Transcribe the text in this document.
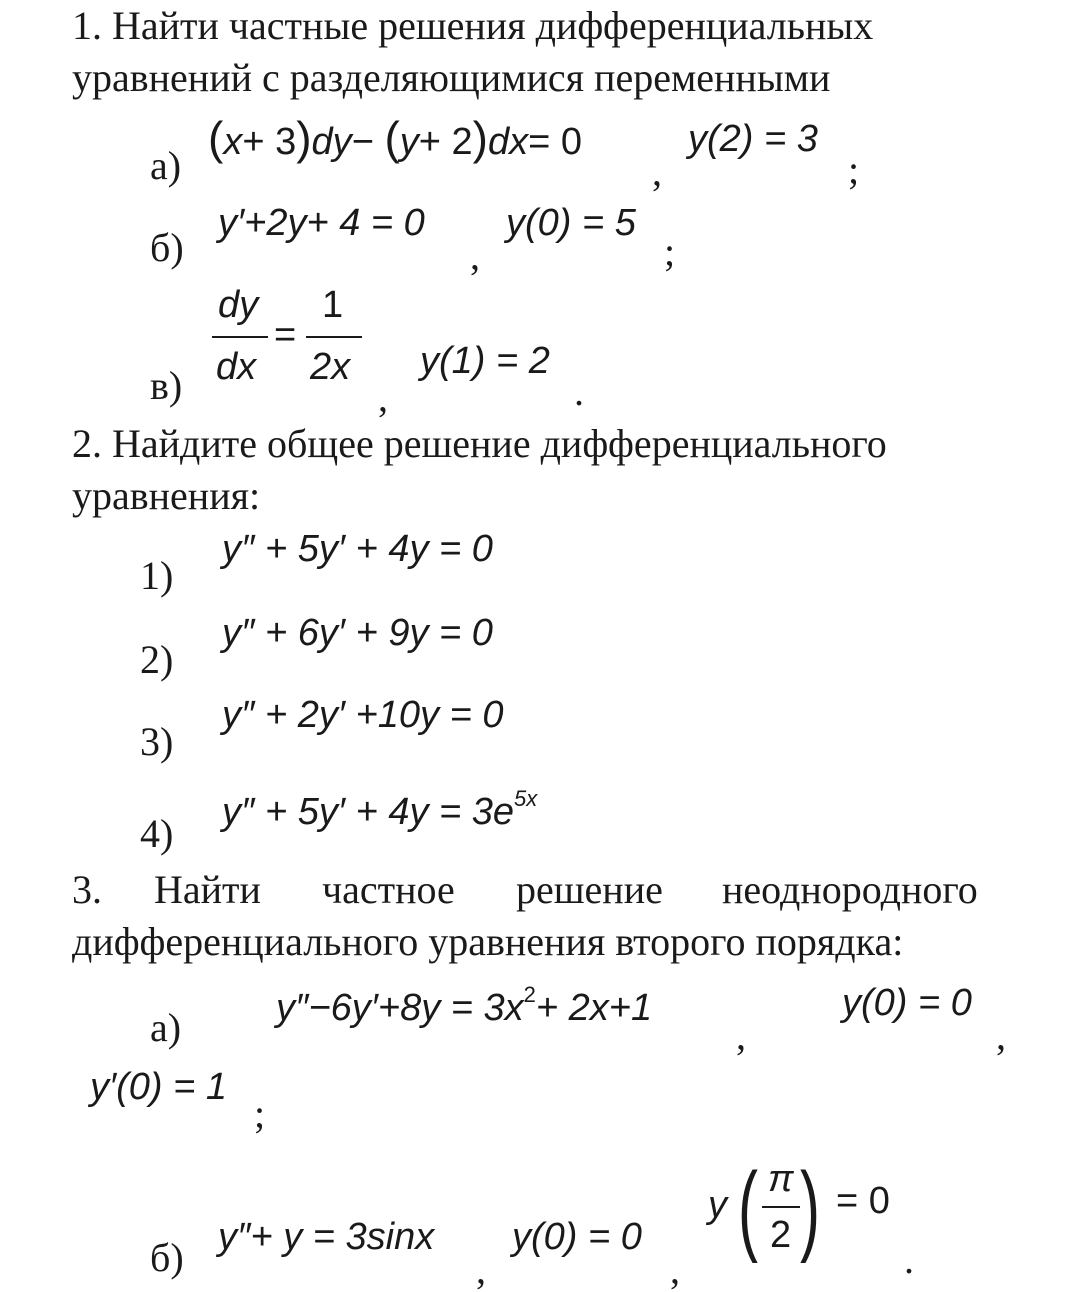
1. Найти частные решения дифференциальных
уравнений с разделяющимися переменными
а)
(x+ 3)dy− (y+ 2)dx= 0
,
y(2) = 3
;
б)
y′+2y+ 4 = 0
,
y(0) = 5
;
в)
dy
dx
=
1
2x
,
y(1) = 2
.
2. Найдите общее решение дифференциального
уравнения:
1)
y″ + 5y′ + 4y = 0
2)
y″ + 6y′ + 9y = 0
3)
y″ + 2y′ +10y = 0
4) $y'' + 5y' + 4y = 3e^{5x}$
3. Найти частное решение неоднородного
дифференциального уравнения второго порядка:
а) $y''-6y'+8y = 3x^2+ 2x+1$
,
y(0) = 0
,
y′(0) = 1
;
б) y″+ y = 3sinx
,
y(0) = 0
,
y ( π
2 ) = 0
.
